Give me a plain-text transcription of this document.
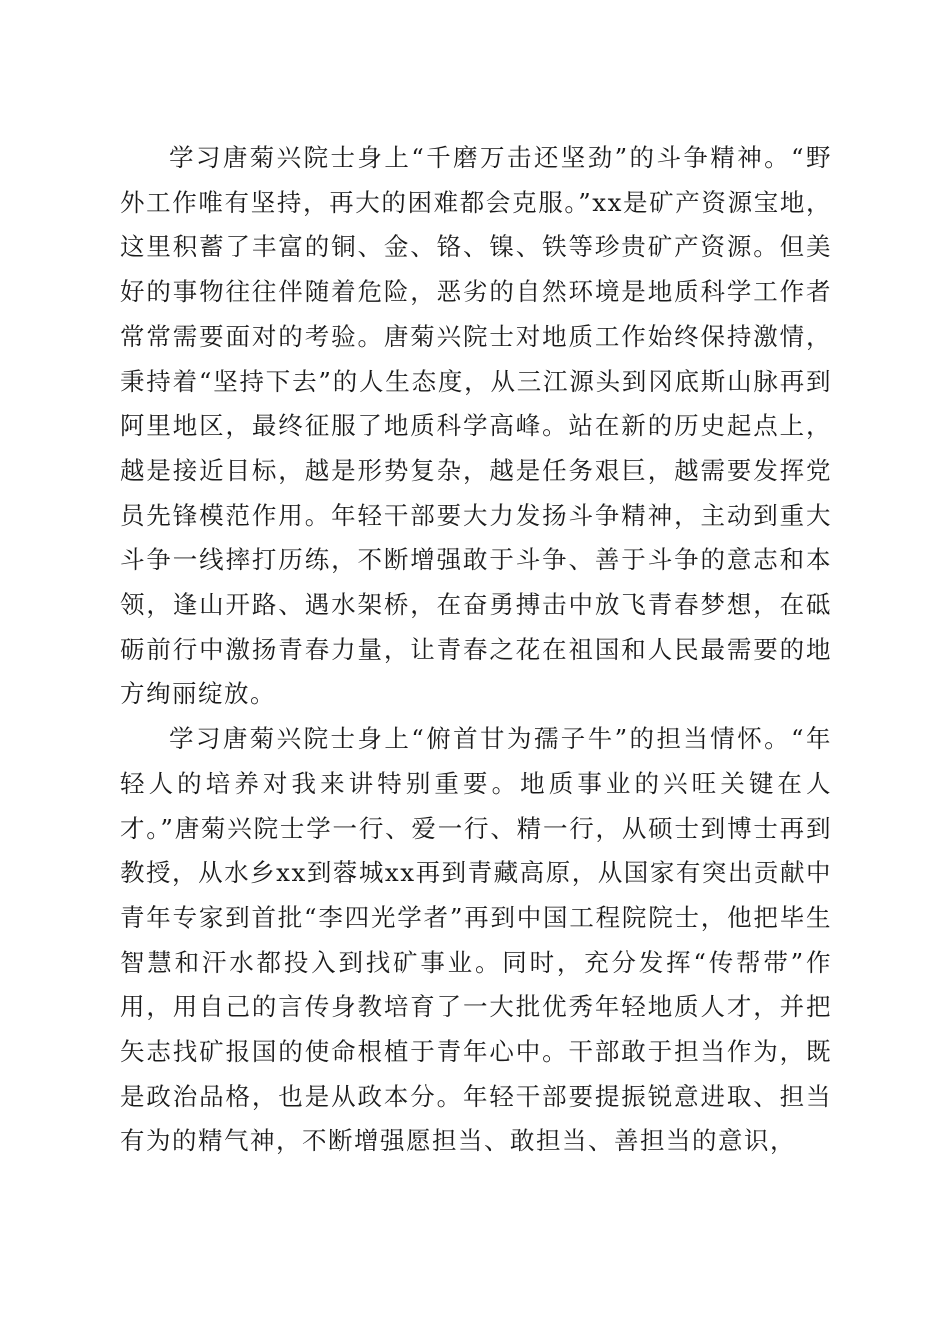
学习唐菊兴院士身上“千磨万击还坚劲”的斗争精神。“野外工作唯有坚持，再大的困难都会克服。”xx是矿产资源宝地，这里积蓄了丰富的铜、金、铬、镍、铁等珍贵矿产资源。但美好的事物往往伴随着危险，恶劣的自然环境是地质科学工作者常常需要面对的考验。唐菊兴院士对地质工作始终保持激情，秉持着“坚持下去”的人生态度，从三江源头到冈底斯山脉再到阿里地区，最终征服了地质科学高峰。站在新的历史起点上，越是接近目标，越是形势复杂，越是任务艰巨，越需要发挥党员先锋模范作用。年轻干部要大力发扬斗争精神，主动到重大斗争一线摔打历练，不断增强敢于斗争、善于斗争的意志和本领，逢山开路、遇水架桥，在奋勇搏击中放飞青春梦想，在砥砺前行中激扬青春力量，让青春之花在祖国和人民最需要的地方绚丽绽放。

学习唐菊兴院士身上“俯首甘为孺子牛”的担当情怀。“年轻人的培养对我来讲特别重要。地质事业的兴旺关键在人才。”唐菊兴院士学一行、爱一行、精一行，从硕士到博士再到教授，从水乡xx到蓉城xx再到青藏高原，从国家有突出贡献中青年专家到首批“李四光学者”再到中国工程院院士，他把毕生智慧和汗水都投入到找矿事业。同时，充分发挥“传帮带”作用，用自己的言传身教培育了一大批优秀年轻地质人才，并把矢志找矿报国的使命根植于青年心中。干部敢于担当作为，既是政治品格，也是从政本分。年轻干部要提振锐意进取、担当有为的精气神，不断增强愿担当、敢担当、善担当的意识，
